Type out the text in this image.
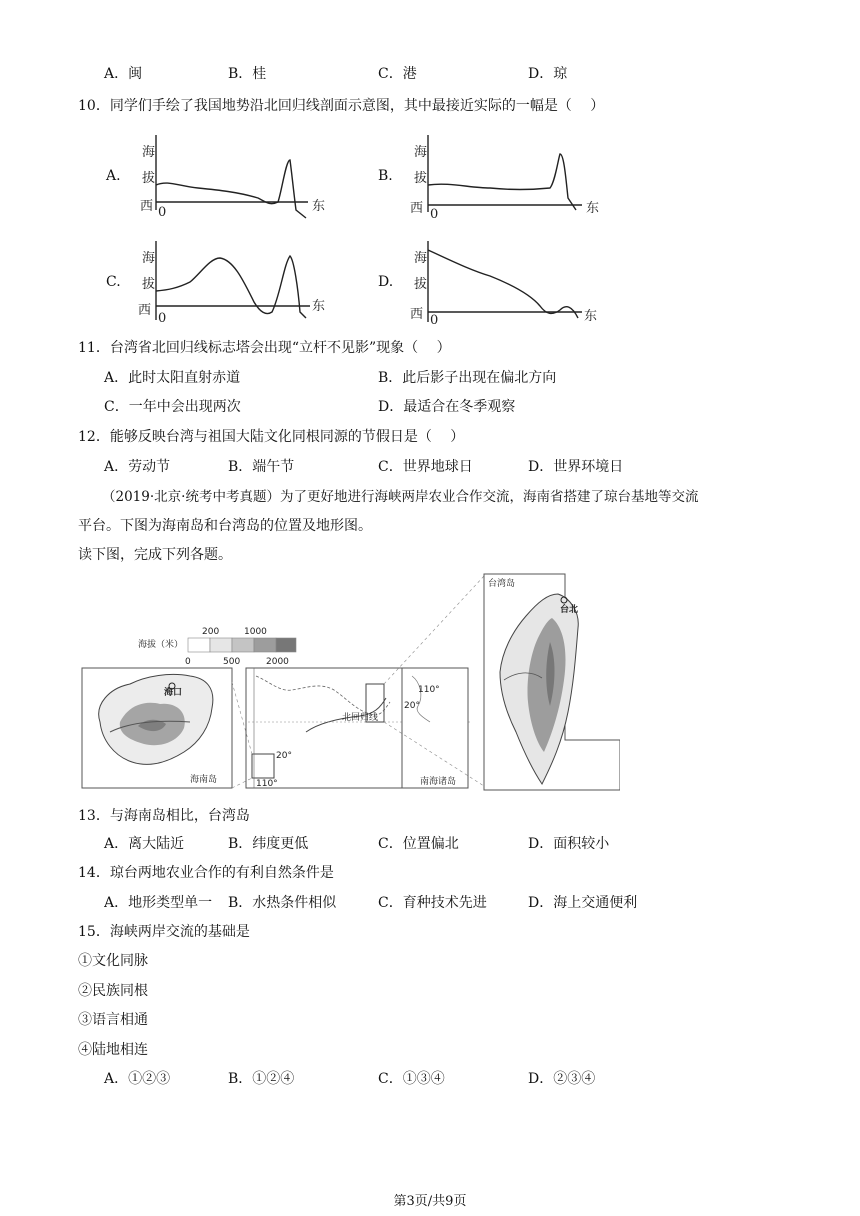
A．闽	B．桂	C．港	D．琼
10．同学们手绘了我国地势沿北回归线剖面示意图，其中最接近实际的一幅是（　 ）
A.	B.
C.	D.
海
拔
西 0	东
海
拔
西 0	东
海
拔
西
0
东
海
拔
西 0	东
11．台湾省北回归线标志塔会出现“立杆不见影”现象（　 ）
A．此时太阳直射赤道	B．此后影子出现在偏北方向
C．一年中会出现两次	D．最适合在冬季观察
12．能够反映台湾与祖国大陆文化同根同源的节假日是（　 ）
A．劳动节	B．端午节	C．世界地球日	D．世界环境日
（2019·北京·统考中考真题）为了更好地进行海峡两岸农业合作交流，海南省搭建了琼台基地等交流
平台。下图为海南岛和台湾岛的位置及地形图。
读下图，完成下列各题。
海拔（米）
200	1000
0	500	2000
海口
海南岛
北回归线
20°
110°
20°
110°
南海诸岛
台湾岛
台北
13．与海南岛相比，台湾岛
A．离大陆近	B．纬度更低	C．位置偏北	D．面积较小
14．琼台两地农业合作的有利自然条件是
A．地形类型单一	B．水热条件相似	C．育种技术先进	D．海上交通便利
15．海峡两岸交流的基础是
①文化同脉
②民族同根
③语言相通
④陆地相连
A．①②③	B．①②④	C．①③④	D．②③④
第3页/共9页
